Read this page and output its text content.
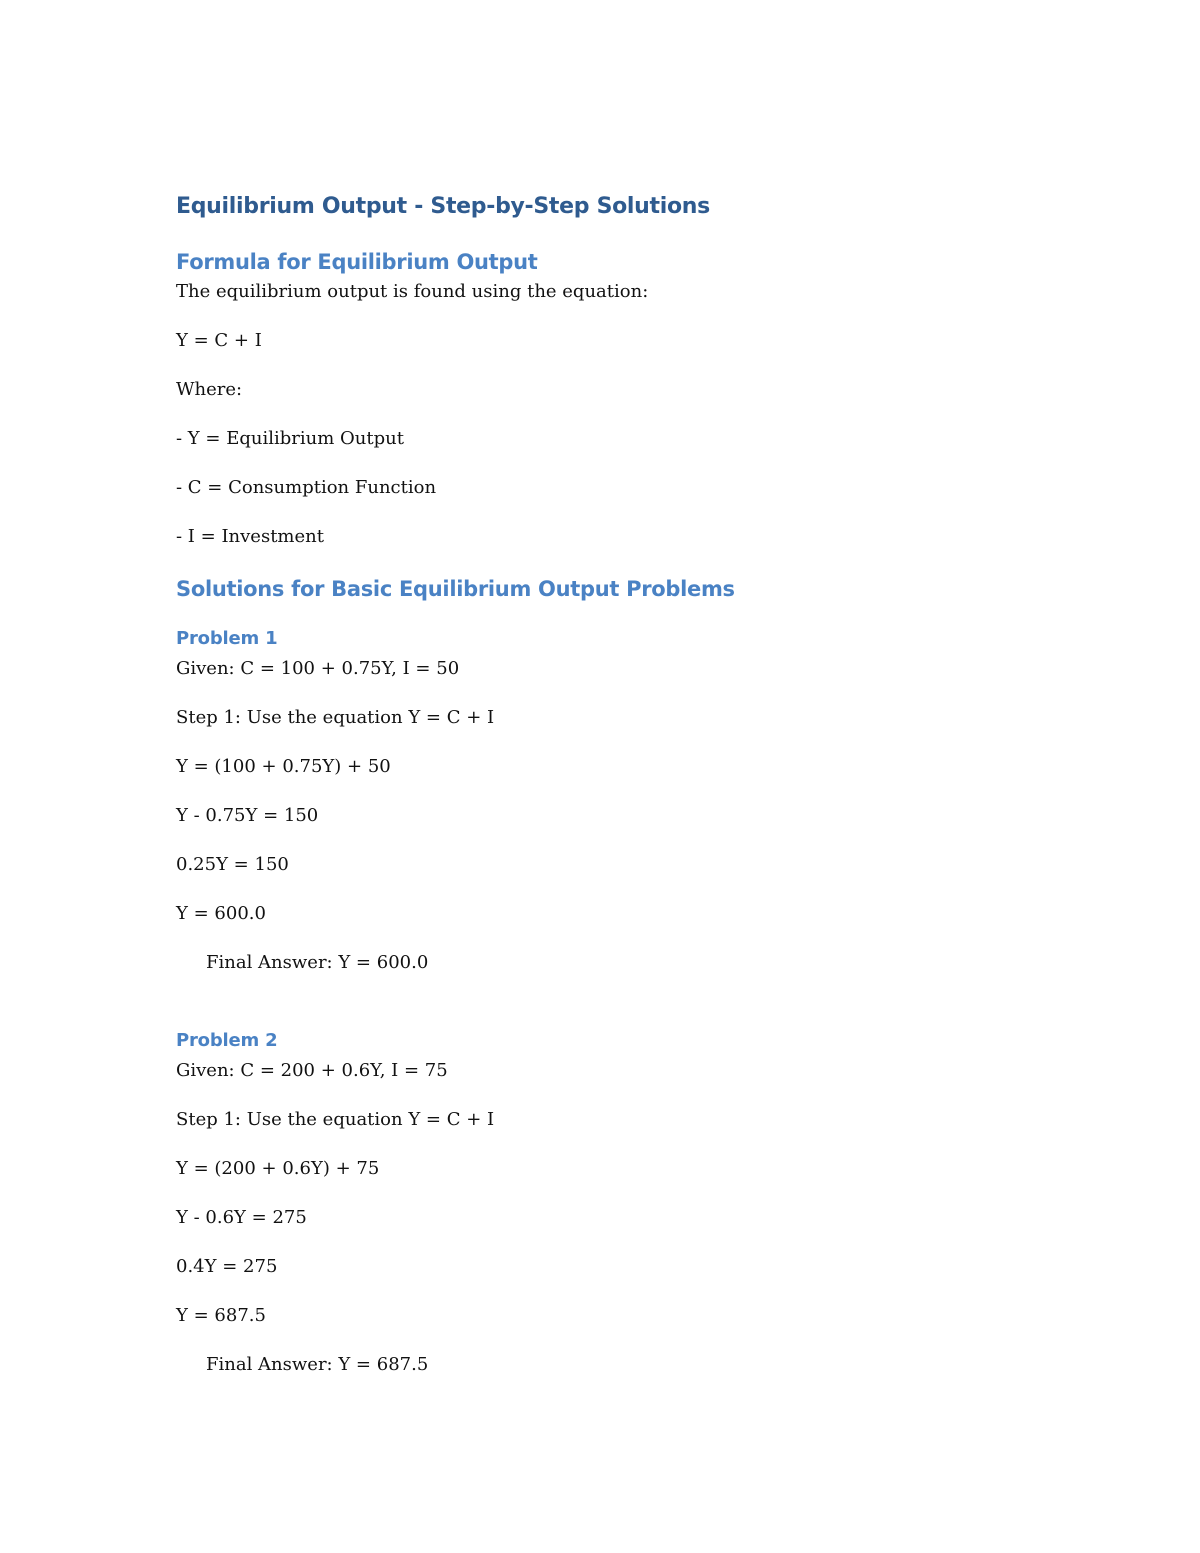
Equilibrium Output - Step-by-Step Solutions
Formula for Equilibrium Output

The equilibrium output is found using the equation:

Y = C + I

Where:

- Y = Equilibrium Output

- C = Consumption Function

- I = Investment

Solutions for Basic Equilibrium Output Problems
Problem 1

Given: C = 100 + 0.75Y, I = 50

Step 1: Use the equation Y = C + I

Y = (100 + 0.75Y) + 50

Y - 0.75Y = 150

0.25Y = 150

Y = 600.0

Final Answer: Y = 600.0

Problem 2

Given: C = 200 + 0.6Y, I = 75

Step 1: Use the equation Y = C + I

Y = (200 + 0.6Y) + 75

Y - 0.6Y = 275

0.4Y = 275

Y = 687.5

Final Answer: Y = 687.5
